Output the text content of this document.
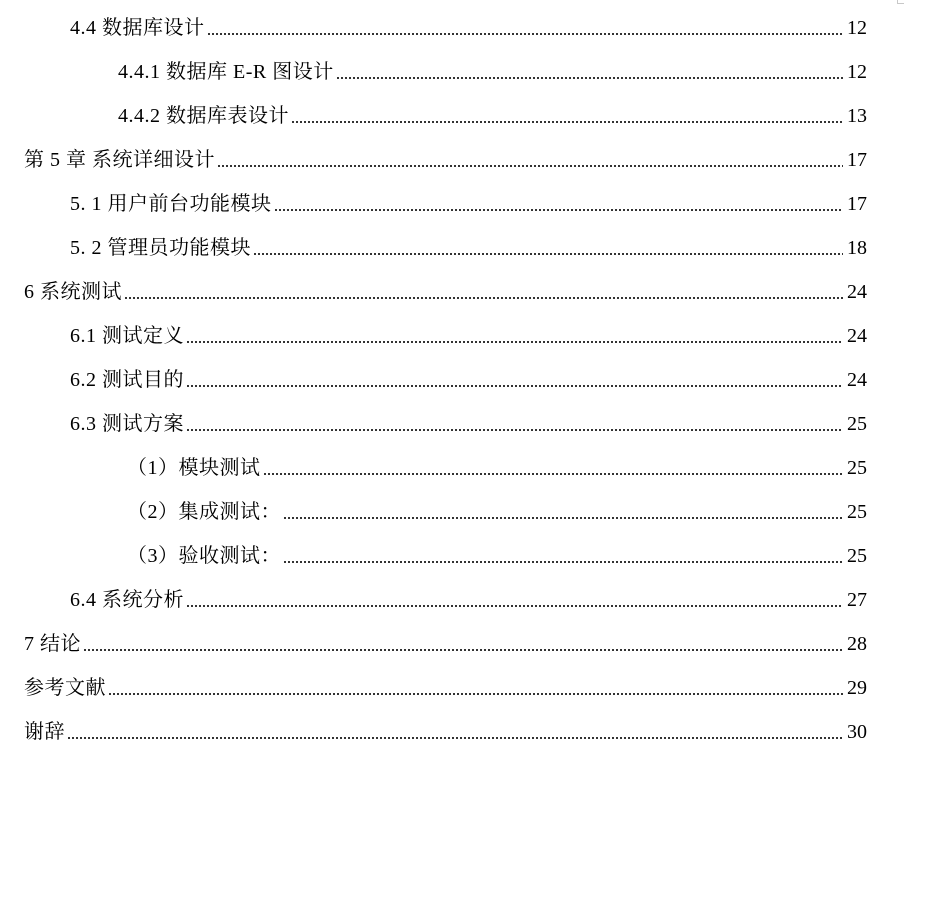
4.4 数据库设计	12
4.4.1 数据库 E-R 图设计	12
4.4.2 数据库表设计	13
第 5 章 系统详细设计	17
5. 1 用户前台功能模块	17
5. 2 管理员功能模块	18
6 系统测试	24
6.1 测试定义	24
6.2 测试目的	24
6.3 测试方案	25
（1）模块测试	25
（2）集成测试：	25
（3）验收测试：	25
6.4 系统分析	27
7 结论	28
参考文献	29
谢辞	30
